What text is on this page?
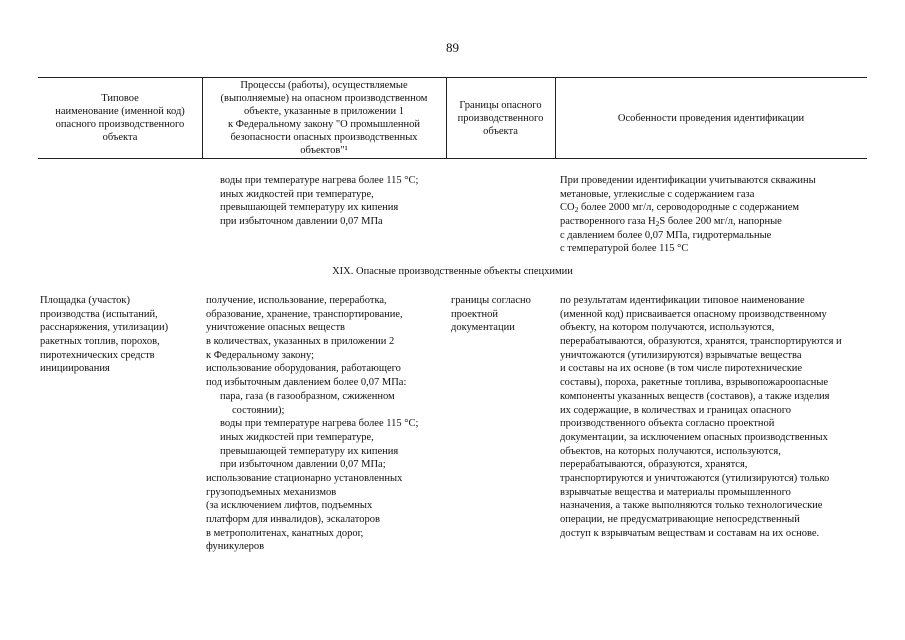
89
Типовое
наименование (именной код)
опасного производственного
объекта
Процессы (работы), осуществляемые
(выполняемые) на опасном производственном
объекте, указанные в приложении 1
к Федеральному закону "О промышленной
безопасности опасных производственных
объектов"¹
Границы опасного
производственного
объекта
Особенности проведения идентификации
воды при температуре нагрева более 115 °C;
иных жидкостей при температуре,
превышающей температуру их кипения
при избыточном давлении 0,07 МПа
При проведении идентификации учитываются скважины
метановые, углекислые с содержанием газа
$CO_2$ более 2000 мг/л, сероводородные с содержанием
растворенного газа $H_2S$ более 200 мг/л, напорные
с давлением более 0,07 МПа, гидротермальные
с температурой более 115 °C
XIX. Опасные производственные объекты спецхимии
Площадка (участок)
производства (испытаний,
расснаряжения, утилизации)
ракетных топлив, порохов,
пиротехнических средств
инициирования
получение, использование, переработка,
образование, хранение, транспортирование,
уничтожение опасных веществ
в количествах, указанных в приложении 2
к Федеральному закону;
использование оборудования, работающего
под избыточным давлением более 0,07 МПа:
пара, газа (в газообразном, сжиженном
состоянии);
воды при температуре нагрева более 115 °C;
иных жидкостей при температуре,
превышающей температуру их кипения
при избыточном давлении 0,07 МПа;
использование стационарно установленных
грузоподъемных механизмов
(за исключением лифтов, подъемных
платформ для инвалидов), эскалаторов
в метрополитенах, канатных дорог,
фуникулеров
границы согласно
проектной
документации
по результатам идентификации типовое наименование
(именной код) присваивается опасному производственному
объекту, на котором получаются, используются,
перерабатываются, образуются, хранятся, транспортируются и
уничтожаются (утилизируются) взрывчатые вещества
и составы на их основе (в том числе пиротехнические
составы), пороха, ракетные топлива, взрывопожароопасные
компоненты указанных веществ (составов), а также изделия
их содержащие, в количествах и границах опасного
производственного объекта согласно проектной
документации, за исключением опасных производственных
объектов, на которых получаются, используются,
перерабатываются, образуются, хранятся,
транспортируются и уничтожаются (утилизируются) только
взрывчатые вещества и материалы промышленного
назначения, а также выполняются только технологические
операции, не предусматривающие непосредственный
доступ к взрывчатым веществам и составам на их основе.
